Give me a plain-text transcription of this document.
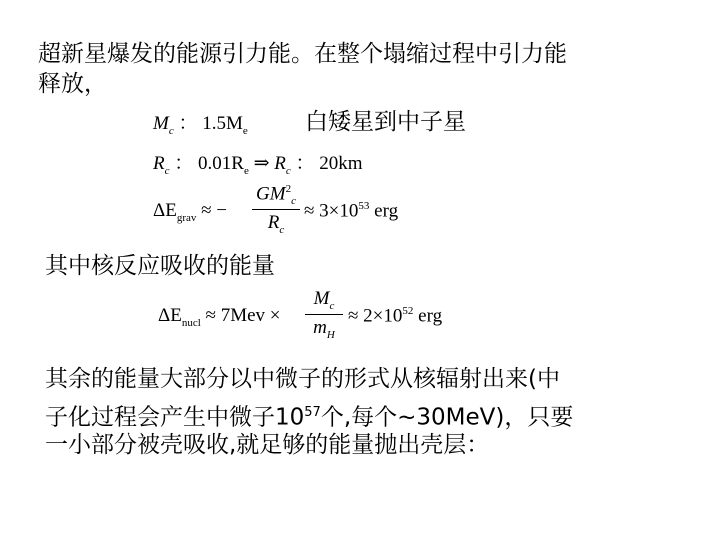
超新星爆发的能源引力能。在整个塌缩过程中引力能
释放，
$M_c$ ： $1.5M_e$ 白矮星到中子星
$R_c$ ： $0.01R_e$ ⇒ $R_c$ ： 20km
$\Delta E_{grav}$ ≈ −
$GM^2_c$
$R_c$
≈ $3\times 10^{53}$ erg
其中核反应吸收的能量
$\Delta E_{nucl} \approx 7Mev$ ×
$M_c$
$m_H$
≈ $2\times 10^{52}$ erg
其余的能量大部分以中微子的形式从核辐射出来(中
子化过程会产生中微子$10^{57}$个,每个~30MeV)，只要
一小部分被壳吸收,就足够的能量抛出壳层：
